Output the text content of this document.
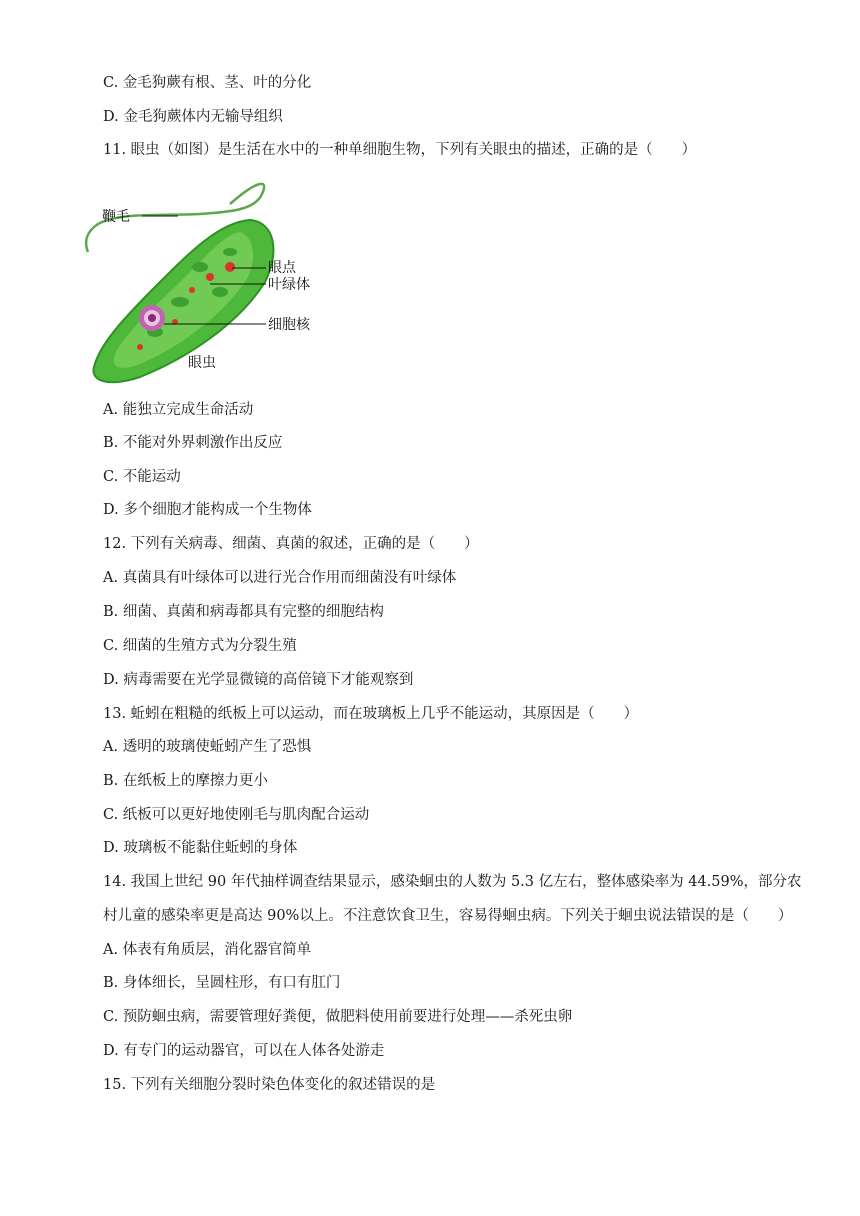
C. 金毛狗蕨有根、茎、叶的分化
D. 金毛狗蕨体内无输导组织
11. 眼虫（如图）是生活在水中的一种单细胞生物，下列有关眼虫的描述，正确的是（　　）
鞭毛
眼点
叶绿体
细胞核
眼虫
A. 能独立完成生命活动
B. 不能对外界刺激作出反应
C. 不能运动
D. 多个细胞才能构成一个生物体
12. 下列有关病毒、细菌、真菌的叙述，正确的是（　　）
A. 真菌具有叶绿体可以进行光合作用而细菌没有叶绿体
B. 细菌、真菌和病毒都具有完整的细胞结构
C. 细菌的生殖方式为分裂生殖
D. 病毒需要在光学显微镜的高倍镜下才能观察到
13. 蚯蚓在粗糙的纸板上可以运动，而在玻璃板上几乎不能运动，其原因是（　　）
A. 透明的玻璃使蚯蚓产生了恐惧
B. 在纸板上的摩擦力更小
C. 纸板可以更好地使刚毛与肌肉配合运动
D. 玻璃板不能黏住蚯蚓的身体
14. 我国上世纪 90 年代抽样调查结果显示，感染蛔虫的人数为 5.3 亿左右，整体感染率为 44.59%，部分农
村儿童的感染率更是高达 90%以上。不注意饮食卫生，容易得蛔虫病。下列关于蛔虫说法错误的是（　　）
A. 体表有角质层，消化器官简单
B. 身体细长，呈圆柱形，有口有肛门
C. 预防蛔虫病，需要管理好粪便，做肥料使用前要进行处理——杀死虫卵
D. 有专门的运动器官，可以在人体各处游走
15. 下列有关细胞分裂时染色体变化的叙述错误的是
